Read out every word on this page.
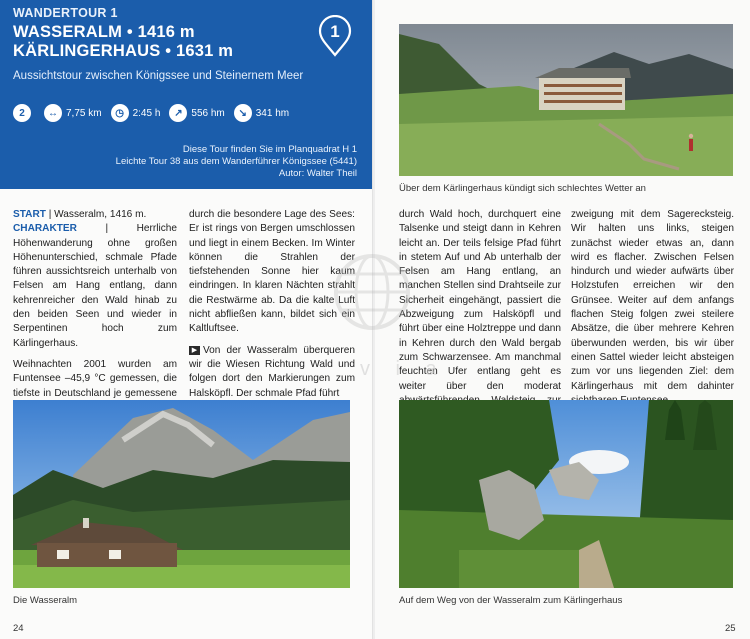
WANDERTOUR 1
WASSERALM • 1416 m
KÄRLINGERHAUS • 1631 m
1
Aussichtstour zwischen Königssee und Steinernem Meer
2	↔ 7,75 km	◷ 2:45 h	↗ 556 hm	↘ 341 hm
Diese Tour finden Sie im Planquadrat H 1
Leichte Tour 38 aus dem Wanderführer Königssee (5441)
Autor: Walter Theil

START | Wasseralm, 1416 m.
CHARAKTER | Herrliche Höhenwanderung ohne großen Höhenunterschied, schmale Pfade führen aussichtsreich unterhalb von Felsen am Hang entlang, dann kehrenreicher den Wald hinab zu den beiden Seen und wieder in Serpentinen hoch zum Kärlingerhaus.

Weihnachten 2001 wurden am Funtensee –45,9 °C gemessen, die tiefste in Deutschland je gemessene

durch die besondere Lage des Sees: Er ist rings von Bergen umschlossen und liegt in einem Becken. Im Winter können die Strahlen der tiefstehenden Sonne hier kaum eindringen. In klaren Nächten strahlt die Restwärme ab. Da die kalte Luft nicht abfließen kann, bildet sich ein Kaltluftsee.

▶ Von der Wasseralm überqueren wir die Wiesen Richtung Wald und folgen dort den Markierungen zum Halsköpfl. Der schmale Pfad führt

Die Wasseralm
24
Über dem Kärlingerhaus kündigt sich schlechtes Wetter an
durch Wald hoch, durchquert eine Talsenke und steigt dann in Kehren leicht an. Der teils felsige Pfad führt in stetem Auf und Ab unterhalb der Felsen am Hang entlang, an manchen Stellen sind Drahtseile zur Sicherheit eingehängt, passiert die Abzweigung zum Halsköpfl und führt über eine Holztreppe und dann in Kehren durch den Wald bergab zum Schwarzensee. Am manchmal feuchten Ufer entlang geht es weiter über den moderat
zweigung mit dem Sagerecksteig. Wir halten uns links, steigen zunächst wieder etwas an, dann wird es flacher. Zwischen Felsen hindurch und wieder aufwärts über Holzstufen erreichen wir den Grünsee. Weiter auf dem anfangs flachen Steig folgen zwei steilere Absätze, die über mehrere Kehren überwunden werden, bis wir über einen Sattel wieder leicht absteigen zum vor uns liegenden Ziel: dem Kärlingerhaus mit dem dahinter
Auf dem Weg von der Wasseralm zum Kärlingerhaus
25
v i a
